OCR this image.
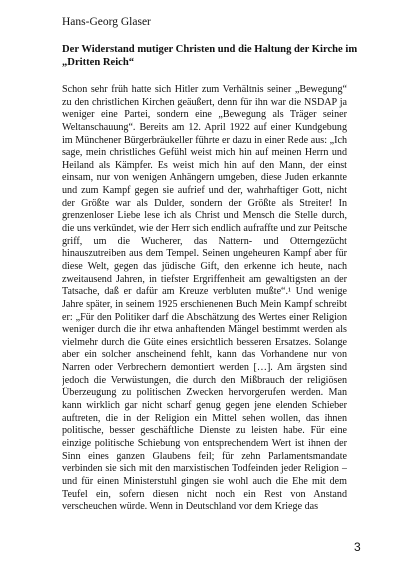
Hans-Georg Glaser
Der Widerstand mutiger Christen und die Haltung der Kirche im
„Dritten Reich“
Schon sehr früh hatte sich Hitler zum Verhältnis seiner „Bewegung“
zu den christlichen Kirchen geäußert, denn für ihn war die NSDAP ja
weniger eine Partei, sondern eine „Bewegung als Träger seiner
Weltanschauung“. Bereits am 12. April 1922 auf einer Kundgebung
im Münchener Bürgerbräukeller führte er dazu in einer Rede aus: „Ich
sage, mein christliches Gefühl weist mich hin auf meinen Herrn und
Heiland als Kämpfer. Es weist mich hin auf den Mann, der einst
einsam, nur von wenigen Anhängern umgeben, diese Juden erkannte
und zum Kampf gegen sie aufrief und der, wahrhaftiger Gott, nicht
der Größte war als Dulder, sondern der Größte als Streiter! In
grenzenloser Liebe lese ich als Christ und Mensch die Stelle durch,
die uns verkündet, wie der Herr sich endlich aufraffte und zur Peitsche
griff, um die Wucherer, das Nattern- und Otterngezücht
hinauszutreiben aus dem Tempel. Seinen ungeheuren Kampf aber für
diese Welt, gegen das jüdische Gift, den erkenne ich heute, nach
zweitausend Jahren, in tiefster Ergriffenheit am gewaltigsten an der
Tatsache, daß er dafür am Kreuze verbluten mußte“.¹ Und wenige
Jahre später, in seinem 1925 erschienenen Buch Mein Kampf schreibt
er: „Für den Politiker darf die Abschätzung des Wertes einer Religion
weniger durch die ihr etwa anhaftenden Mängel bestimmt werden als
vielmehr durch die Güte eines ersichtlich besseren Ersatzes. Solange
aber ein solcher anscheinend fehlt, kann das Vorhandene nur von
Narren oder Verbrechern demontiert werden […]. Am ärgsten sind
jedoch die Verwüstungen, die durch den Mißbrauch der religiösen
Überzeugung zu politischen Zwecken hervorgerufen werden. Man
kann wirklich gar nicht scharf genug gegen jene elenden Schieber
auftreten, die in der Religion ein Mittel sehen wollen, das ihnen
politische, besser geschäftliche Dienste zu leisten habe. Für eine
einzige politische Schiebung von entsprechendem Wert ist ihnen der
Sinn eines ganzen Glaubens feil; für zehn Parlamentsmandate
verbinden sie sich mit den marxistischen Todfeinden jeder Religion –
und für einen Ministerstuhl gingen sie wohl auch die Ehe mit dem
Teufel ein, sofern diesen nicht noch ein Rest von Anstand
verscheuchen würde. Wenn in Deutschland vor dem Kriege das
3
